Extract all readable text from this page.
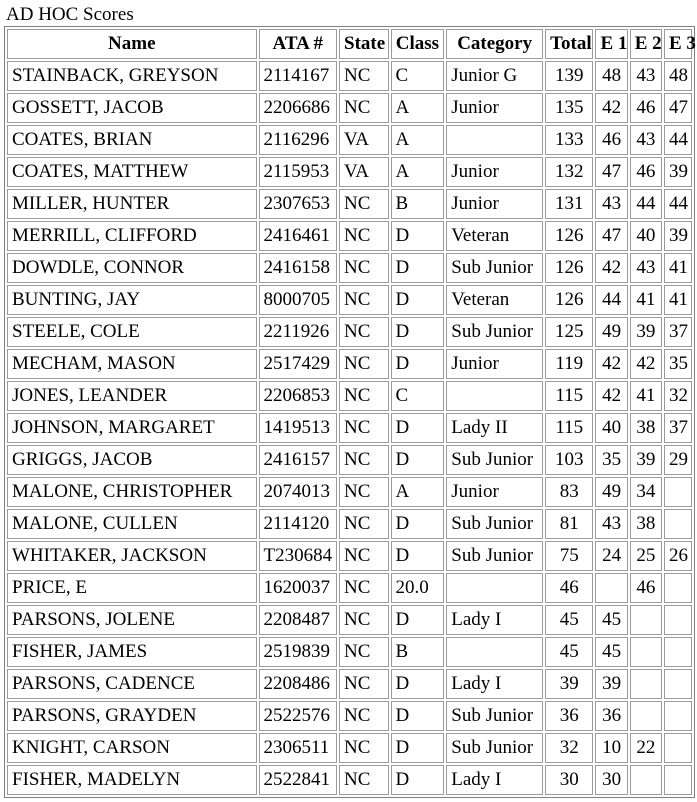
AD HOC Scores
Name	ATA #	State	Class	Category	Total	E 1	E 2	E 3
STAINBACK, GREYSON	2114167	NC	C	Junior G	139	48	43	48
GOSSETT, JACOB	2206686	NC	A	Junior	135	42	46	47
COATES, BRIAN	2116296	VA	A		133	46	43	44
COATES, MATTHEW	2115953	VA	A	Junior	132	47	46	39
MILLER, HUNTER	2307653	NC	B	Junior	131	43	44	44
MERRILL, CLIFFORD	2416461	NC	D	Veteran	126	47	40	39
DOWDLE, CONNOR	2416158	NC	D	Sub Junior	126	42	43	41
BUNTING, JAY	8000705	NC	D	Veteran	126	44	41	41
STEELE, COLE	2211926	NC	D	Sub Junior	125	49	39	37
MECHAM, MASON	2517429	NC	D	Junior	119	42	42	35
JONES, LEANDER	2206853	NC	C		115	42	41	32
JOHNSON, MARGARET	1419513	NC	D	Lady II	115	40	38	37
GRIGGS, JACOB	2416157	NC	D	Sub Junior	103	35	39	29
MALONE, CHRISTOPHER	2074013	NC	A	Junior	83	49	34	
MALONE, CULLEN	2114120	NC	D	Sub Junior	81	43	38	
WHITAKER, JACKSON	T230684	NC	D	Sub Junior	75	24	25	26
PRICE, E	1620037	NC	20.0		46		46	
PARSONS, JOLENE	2208487	NC	D	Lady I	45	45		
FISHER, JAMES	2519839	NC	B		45	45		
PARSONS, CADENCE	2208486	NC	D	Lady I	39	39		
PARSONS, GRAYDEN	2522576	NC	D	Sub Junior	36	36		
KNIGHT, CARSON	2306511	NC	D	Sub Junior	32	10	22	
FISHER, MADELYN	2522841	NC	D	Lady I	30	30		
